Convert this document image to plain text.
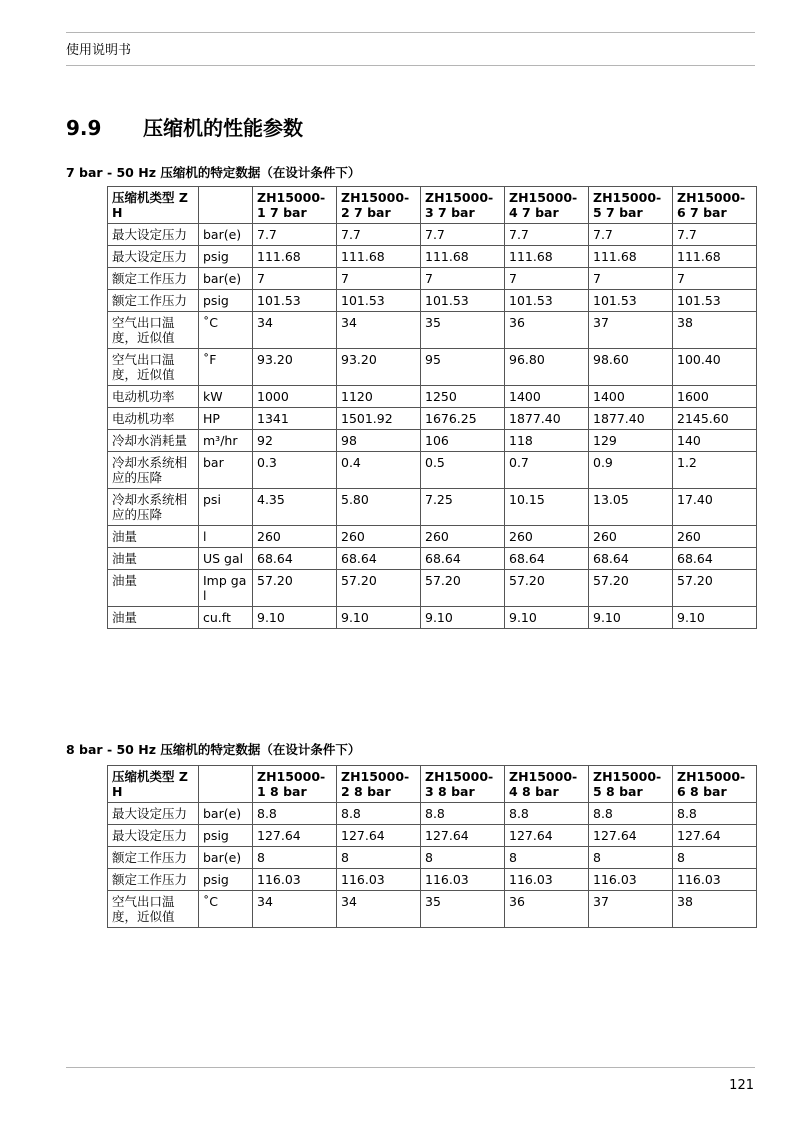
使用说明书
9.9 压缩机的性能参数
7 bar - 50 Hz 压缩机的特定数据（在设计条件下）
压缩机类型 ZH		ZH15000-1 7 bar	ZH15000-2 7 bar	ZH15000-3 7 bar	ZH15000-4 7 bar	ZH15000-5 7 bar	ZH15000-6 7 bar
最大设定压力	bar(e)	7.7	7.7	7.7	7.7	7.7	7.7
最大设定压力	psig	111.68	111.68	111.68	111.68	111.68	111.68
额定工作压力	bar(e)	7	7	7	7	7	7
额定工作压力	psig	101.53	101.53	101.53	101.53	101.53	101.53
空气出口温度，近似值	˚C	34	34	35	36	37	38
空气出口温度，近似值	˚F	93.20	93.20	95	96.80	98.60	100.40
电动机功率	kW	1000	1120	1250	1400	1400	1600
电动机功率	HP	1341	1501.92	1676.25	1877.40	1877.40	2145.60
冷却水消耗量	m³/hr	92	98	106	118	129	140
冷却水系统相应的压降	bar	0.3	0.4	0.5	0.7	0.9	1.2
冷却水系统相应的压降	psi	4.35	5.80	7.25	10.15	13.05	17.40
油量	l	260	260	260	260	260	260
油量	US gal	68.64	68.64	68.64	68.64	68.64	68.64
油量	Imp gal	57.20	57.20	57.20	57.20	57.20	57.20
油量	cu.ft	9.10	9.10	9.10	9.10	9.10	9.10
8 bar - 50 Hz 压缩机的特定数据（在设计条件下）
压缩机类型 ZH		ZH15000-1 8 bar	ZH15000-2 8 bar	ZH15000-3 8 bar	ZH15000-4 8 bar	ZH15000-5 8 bar	ZH15000-6 8 bar
最大设定压力	bar(e)	8.8	8.8	8.8	8.8	8.8	8.8
最大设定压力	psig	127.64	127.64	127.64	127.64	127.64	127.64
额定工作压力	bar(e)	8	8	8	8	8	8
额定工作压力	psig	116.03	116.03	116.03	116.03	116.03	116.03
空气出口温度，近似值	˚C	34	34	35	36	37	38
121
